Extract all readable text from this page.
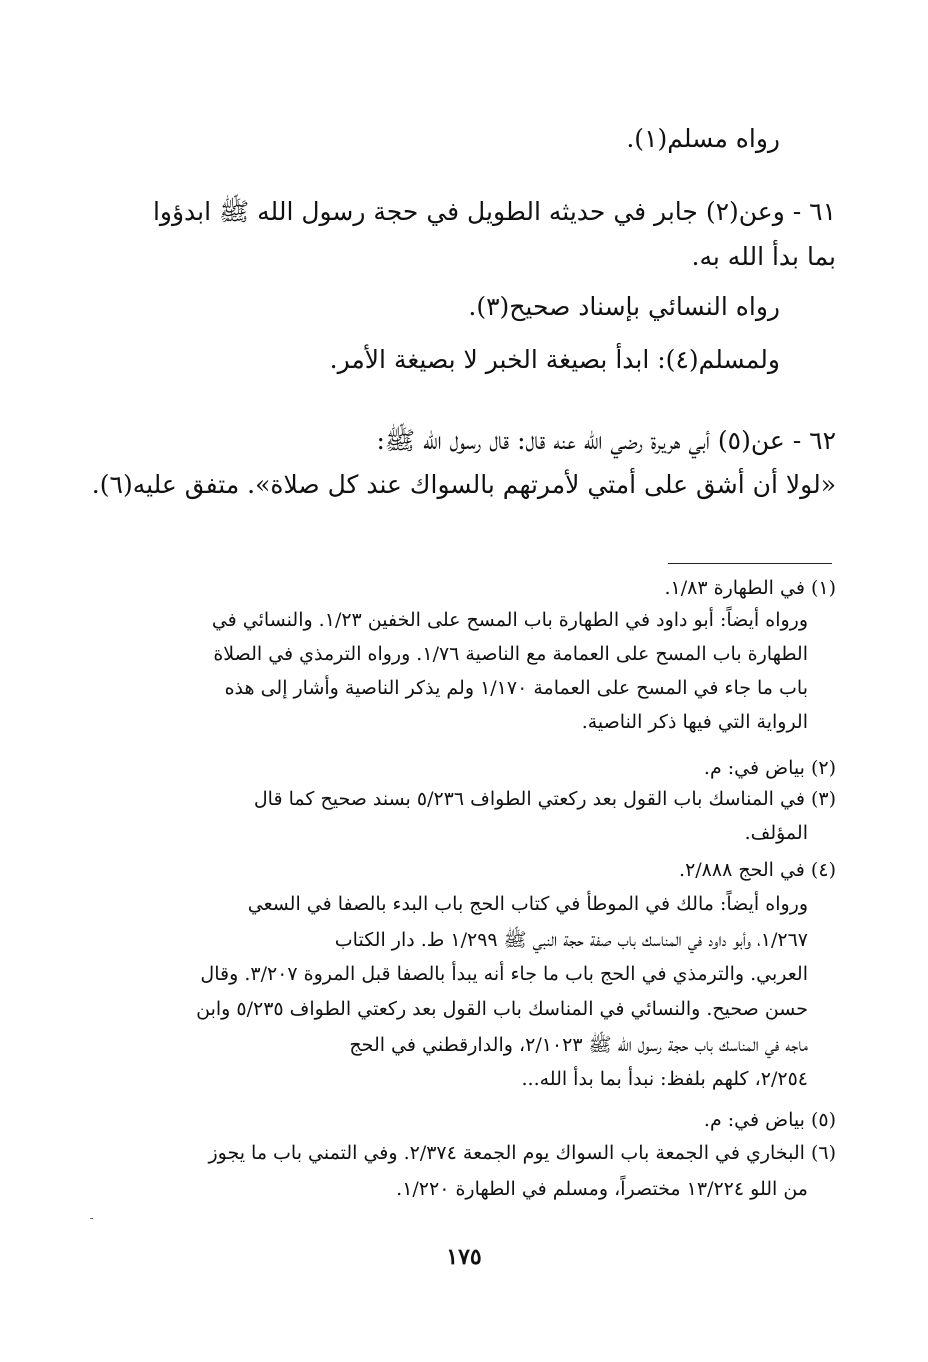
رواه مسلم(١).
٦١ - وعن(٢) جابر في حديثه الطويل في حجة رسول الله ﷺ ابدؤوا
بما بدأ الله به.
رواه النسائي بإسناد صحيح(٣).
ولمسلم(٤): ابدأ بصيغة الخبر لا بصيغة الأمر.
٦٢ - عن(٥) أبي هريرة رضي الله عنه قال: قال رسول الله ﷺ:
«لولا أن أشق على أمتي لأمرتهم بالسواك عند كل صلاة». متفق عليه(٦).
(١) في الطهارة ١/٨٣.
ورواه أيضاً: أبو داود في الطهارة باب المسح على الخفين ١/٢٣. والنسائي في
الطهارة باب المسح على العمامة مع الناصية ١/٧٦. ورواه الترمذي في الصلاة
باب ما جاء في المسح على العمامة ١/١٧٠ ولم يذكر الناصية وأشار إلى هذه
الرواية التي فيها ذكر الناصية.
(٢) بياض في: م.
(٣) في المناسك باب القول بعد ركعتي الطواف ٥/٢٣٦ بسند صحيح كما قال
المؤلف.
(٤) في الحج ٢/٨٨٨.
ورواه أيضاً: مالك في الموطأ في كتاب الحج باب البدء بالصفا في السعي
١/٢٦٧، وأبو داود في المناسك باب صفة حجة النبي ﷺ ١/٢٩٩ ط. دار الكتاب
العربي. والترمذي في الحج باب ما جاء أنه يبدأ بالصفا قبل المروة ٣/٢٠٧. وقال
حسن صحيح. والنسائي في المناسك باب القول بعد ركعتي الطواف ٥/٢٣٥ وابن
ماجه في المناسك باب حجة رسول الله ﷺ ٢/١٠٢٣، والدارقطني في الحج
٢/٢٥٤، كلهم بلفظ: نبدأ بما بدأ الله...
(٥) بياض في: م.
(٦) البخاري في الجمعة باب السواك يوم الجمعة ٢/٣٧٤. وفي التمني باب ما يجوز
من اللو ١٣/٢٢٤ مختصراً، ومسلم في الطهارة ١/٢٢٠.
١٧٥
